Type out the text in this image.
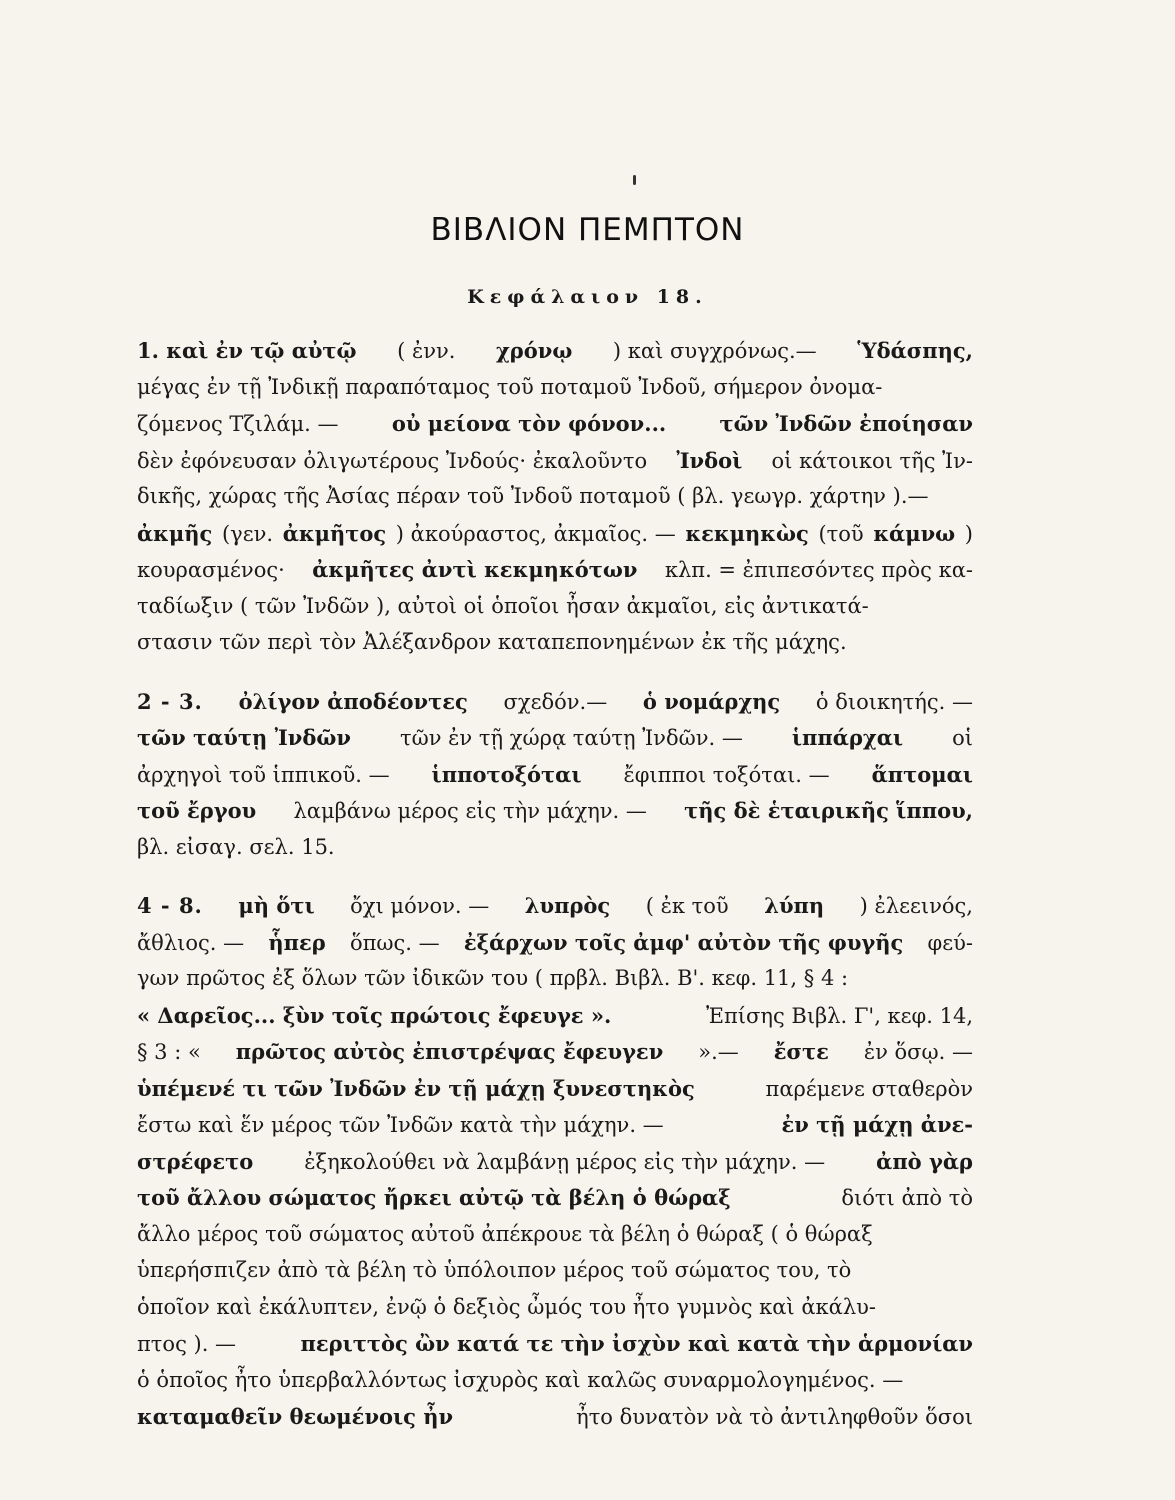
ΒΙΒΛΙΟΝ ΠΕΜΠΤΟΝ
Κεφάλαιον 18.
1. καὶ ἐν τῷ αὐτῷ ( ἐνν. χρόνῳ ) καὶ συγχρόνως.— Ὑδάσπης,
μέγας ἐν τῇ Ἰνδικῇ παραπόταμος τοῦ ποταμοῦ Ἰνδοῦ, σήμερον ὀνομα-
ζόμενος Τζιλάμ. —	οὐ μείονα τὸν φόνον...	τῶν Ἰνδῶν ἐποίησαν
δὲν ἐφόνευσαν ὀλιγωτέρους Ἰνδούς· ἐκαλοῦντο Ἰνδοὶ οἱ κάτοικοι τῆς Ἰν-
δικῆς, χώρας τῆς Ἀσίας πέραν τοῦ Ἰνδοῦ ποταμοῦ ( βλ. γεωγρ. χάρτην ).—
ἀκμῆς (γεν. ἀκμῆτος ) ἀκούραστος, ἀκμαῖος. — κεκμηκὼς (τοῦ κάμνω )
κουρασμένος· ἀκμῆτες ἀντὶ κεκμηκότων κλπ. = ἐπιπεσόντες πρὸς κα-
ταδίωξιν ( τῶν Ἰνδῶν ), αὐτοὶ οἱ ὁποῖοι ἦσαν ἀκμαῖοι, εἰς ἀντικατά-
στασιν τῶν περὶ τὸν Ἀλέξανδρον καταπεπονημένων ἐκ τῆς μάχης.
2 - 3. ὀλίγον ἀποδέοντες σχεδόν.— ὁ νομάρχης ὁ διοικητής. —
τῶν ταύτῃ Ἰνδῶν τῶν ἐν τῇ χώρᾳ ταύτῃ Ἰνδῶν. — ἱππάρχαι οἱ
ἀρχηγοὶ τοῦ ἱππικοῦ. — ἱπποτοξόται ἔφιπποι τοξόται. — ἅπτομαι
τοῦ ἔργου λαμβάνω μέρος εἰς τὴν μάχην. — τῆς δὲ ἑταιρικῆς ἵππου,
βλ. εἰσαγ. σελ. 15.
4 - 8. μὴ ὅτι ὄχι μόνον. — λυπρὸς ( ἐκ τοῦ λύπη ) ἐλεεινός,
ἄθλιος. — ἧπερ ὅπως. — ἐξάρχων τοῖς ἀμφ' αὐτὸν τῆς φυγῆς φεύ-
γων πρῶτος ἐξ ὅλων τῶν ἰδικῶν του ( πρβλ. Βιβλ. Β'. κεφ. 11, § 4 :
« Δαρεῖος... ξὺν τοῖς πρώτοις ἔφευγε ».	Ἐπίσης Βιβλ. Γ', κεφ. 14,
§ 3 : « πρῶτος αὐτὸς ἐπιστρέψας ἔφευγεν ».— ἔστε ἐν ὅσῳ. —
ὑπέμενέ τι τῶν Ἰνδῶν ἐν τῇ μάχῃ ξυνεστηκὸς	παρέμενε σταθερὸν
ἔστω καὶ ἕν μέρος τῶν Ἰνδῶν κατὰ τὴν μάχην. —	ἐν τῇ μάχῃ ἀνε-
στρέφετο ἐξηκολούθει νὰ λαμβάνῃ μέρος εἰς τὴν μάχην. — ἀπὸ γὰρ
τοῦ ἄλλου σώματος ἤρκει αὐτῷ τὰ βέλη ὁ θώραξ	διότι ἀπὸ τὸ
ἄλλο μέρος τοῦ σώματος αὐτοῦ ἀπέκρουε τὰ βέλη ὁ θώραξ ( ὁ θώραξ
ὑπερήσπιζεν ἀπὸ τὰ βέλη τὸ ὑπόλοιπον μέρος τοῦ σώματος του, τὸ
ὁποῖον καὶ ἐκάλυπτεν, ἐνῷ ὁ δεξιὸς ὦμός του ἦτο γυμνὸς καὶ ἀκάλυ-
πτος ). —	περιττὸς ὢν κατά τε τὴν ἰσχὺν καὶ κατὰ τὴν ἁρμονίαν
ὁ ὁποῖος ἦτο ὑπερβαλλόντως ἰσχυρὸς καὶ καλῶς συναρμολογημένος. —
καταμαθεῖν θεωμένοις ἦν	ἦτο δυνατὸν νὰ τὸ ἀντιληφθοῦν ὅσοι
